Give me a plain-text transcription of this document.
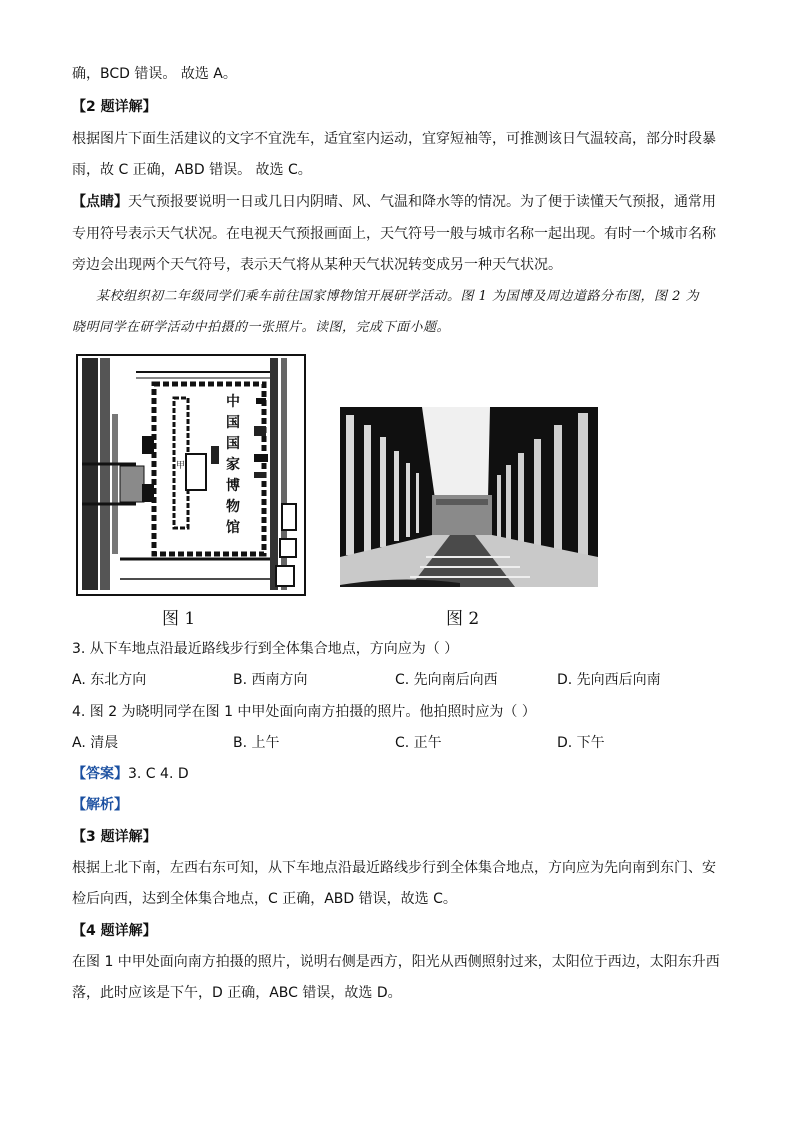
确，BCD 错误。 故选 A。
【2 题详解】
根据图片下面生活建议的文字不宜洗车，适宜室内运动，宜穿短袖等，可推测该日气温较高，部分时段暴
雨，故 C 正确，ABD 错误。 故选 C。
【点睛】天气预报要说明一日或几日内阴晴、风、气温和降水等的情况。为了便于读懂天气预报，通常用
专用符号表示天气状况。在电视天气预报画面上，天气符号一般与城市名称一起出现。有时一个城市名称
旁边会出现两个天气符号，表示天气将从某种天气状况转变成另一种天气状况。
某校组织初二年级同学们乘车前往国家博物馆开展研学活动。图 1 为国博及周边道路分布图，图 2 为
晓明同学在研学活动中拍摄的一张照片。读图，完成下面小题。
甲
中
国
国
家
博
物
馆
图 1	图 2
3. 从下车地点沿最近路线步行到全体集合地点，方向应为（ ）
A. 东北方向	B. 西南方向	C. 先向南后向西	D. 先向西后向南
4. 图 2 为晓明同学在图 1 中甲处面向南方拍摄的照片。他拍照时应为（ ）
A. 清晨	B. 上午	C. 正午	D. 下午
【答案】3. C 4. D
【解析】
【3 题详解】
根据上北下南，左西右东可知，从下车地点沿最近路线步行到全体集合地点，方向应为先向南到东门、安
检后向西，达到全体集合地点，C 正确，ABD 错误，故选 C。
【4 题详解】
在图 1 中甲处面向南方拍摄的照片，说明右侧是西方，阳光从西侧照射过来，太阳位于西边，太阳东升西
落，此时应该是下午，D 正确，ABC 错误，故选 D。
